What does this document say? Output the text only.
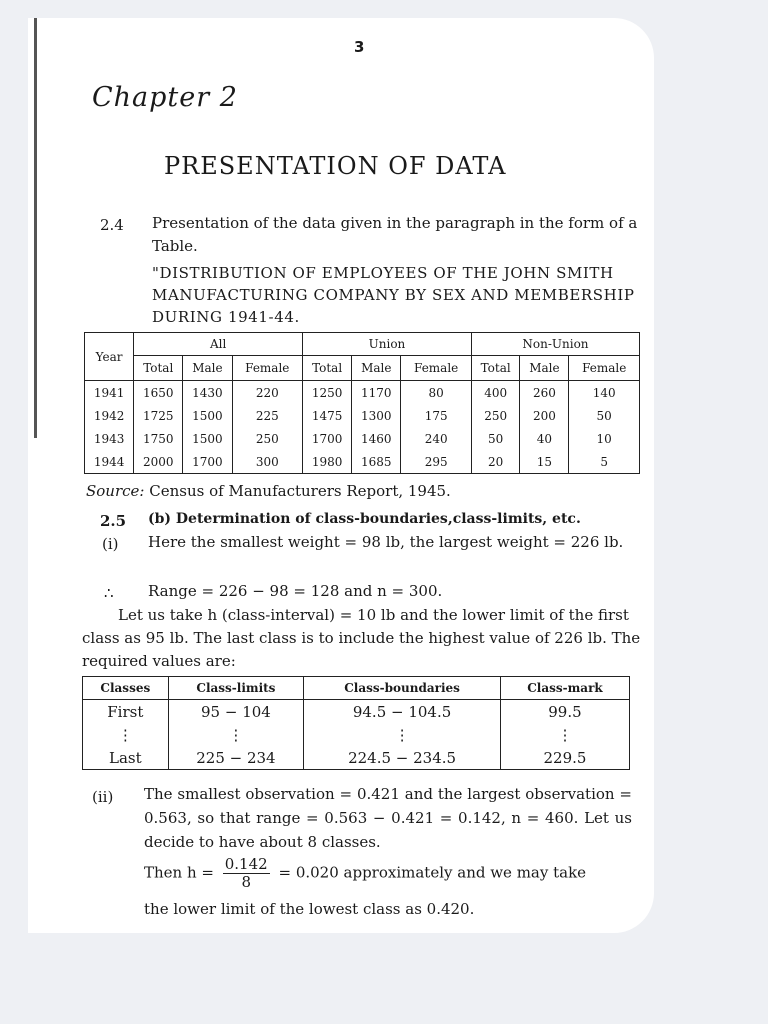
3
Chapter 2
PRESENTATION OF DATA
2.4 Presentation of the data given in the paragraph in the form of a Table.
"DISTRIBUTION OF EMPLOYEES OF THE JOHN SMITH MANUFACTURING COMPANY BY SEX AND MEMBERSHIP DURING 1941-44.
Year	All			Union			Non-Union		
	Total	Male	Female	Total	Male	Female	Total	Male	Female
1941	1650	1430	220	1250	1170	80	400	260	140
1942	1725	1500	225	1475	1300	175	250	200	50
1943	1750	1500	250	1700	1460	240	50	40	10
1944	2000	1700	300	1980	1685	295	20	15	5
Source: Census of Manufacturers Report, 1945.
2.5 (b) Determination of class-boundaries,class-limits, etc.
(i) Here the smallest weight = 98 lb, the largest weight = 226 lb.
∴ Range = 226 − 98 = 128 and n = 300.
Let us take h (class-interval) = 10 lb and the lower limit of the first class as 95 lb. The last class is to include the highest value of 226 lb. The required values are:
Classes	Class-limits	Class-boundaries	Class-mark
First	95 − 104	94.5 − 104.5	99.5
⋮	⋮	⋮	⋮
Last	225 − 234	224.5 − 234.5	229.5
(ii) The smallest observation = 0.421 and the largest observation = 0.563, so that range = 0.563 − 0.421 = 0.142, n = 460. Let us decide to have about 8 classes.
Then $h = \frac{0.142}{8} = 0.020$ approximately and we may take
the lower limit of the lowest class as 0.420.
